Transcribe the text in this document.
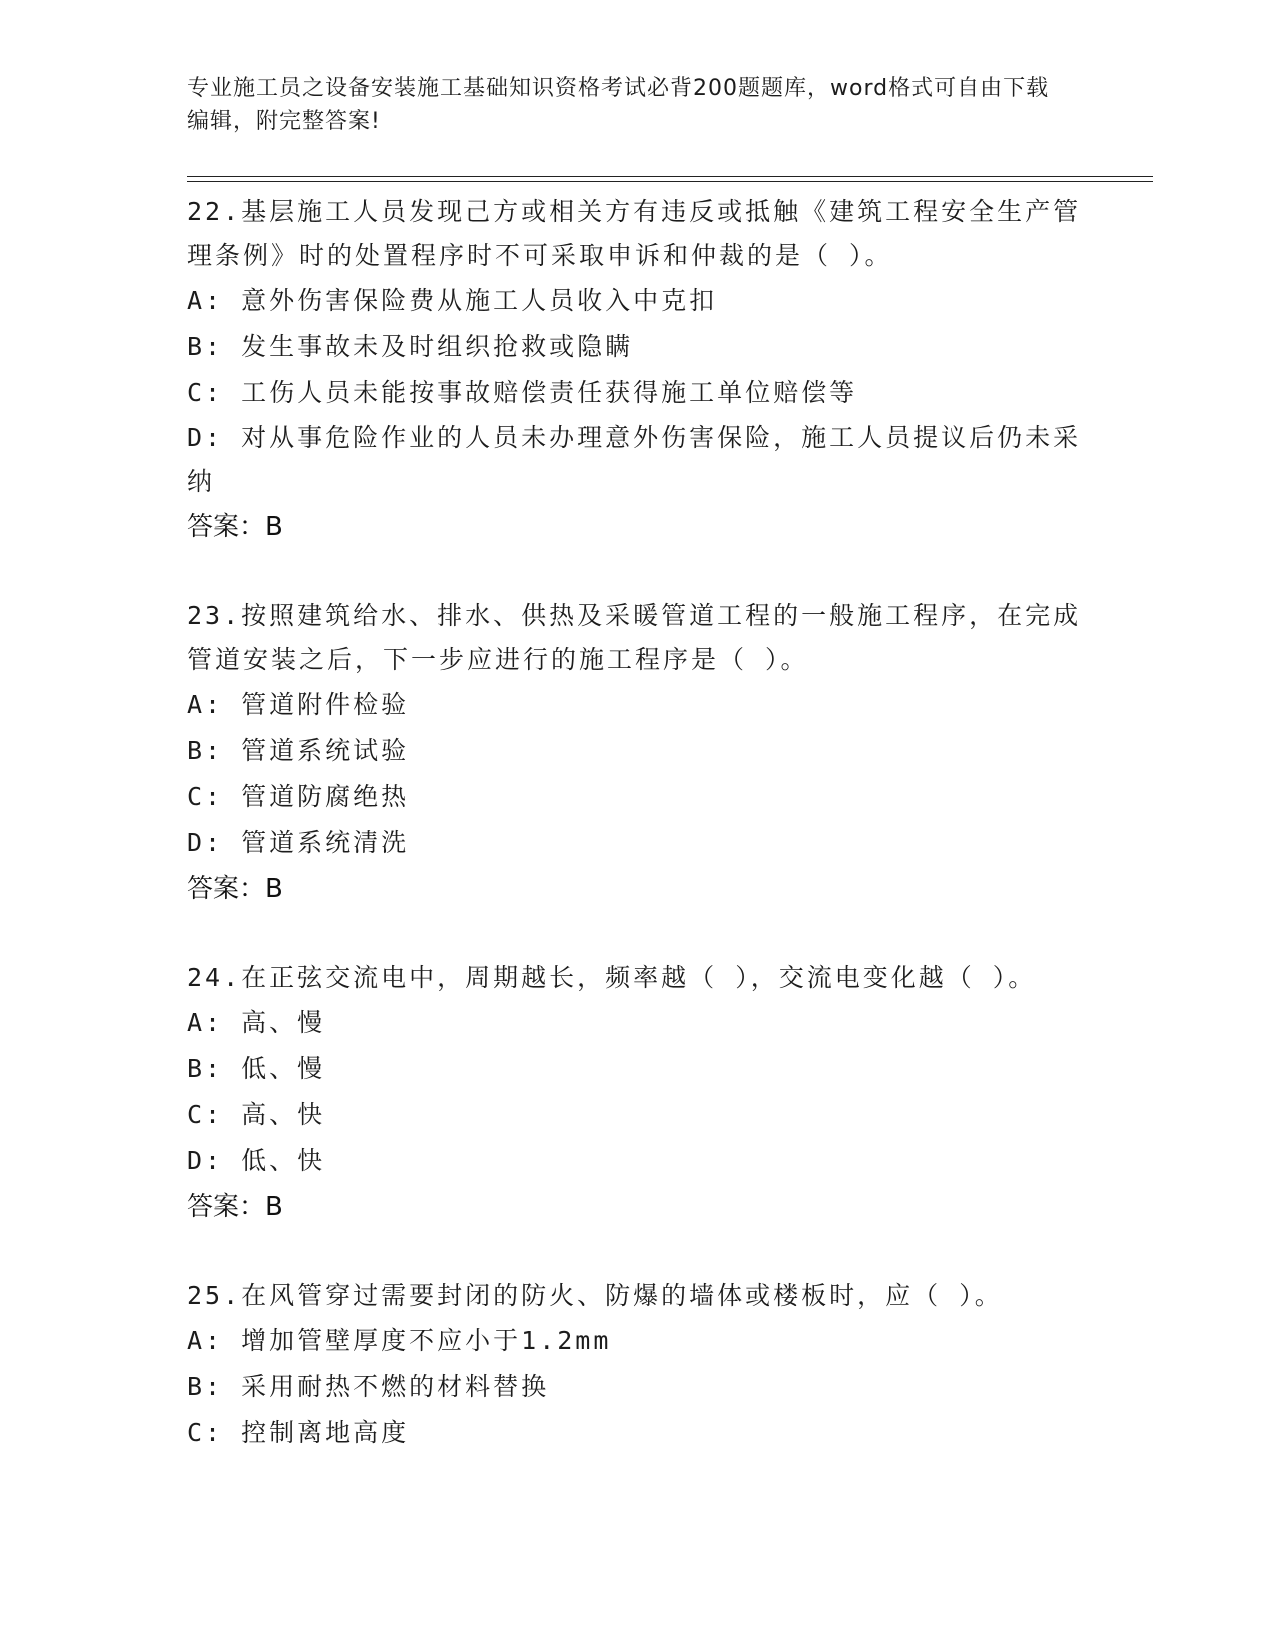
专业施工员之设备安装施工基础知识资格考试必背200题题库，word格式可自由下载编辑，附完整答案!

22.基层施工人员发现己方或相关方有违反或抵触《建筑工程安全生产管理条例》时的处置程序时不可采取申诉和仲裁的是（ ）。

A: 意外伤害保险费从施工人员收入中克扣
B: 发生事故未及时组织抢救或隐瞒
C: 工伤人员未能按事故赔偿责任获得施工单位赔偿等
D: 对从事危险作业的人员未办理意外伤害保险，施工人员提议后仍未采纳
答案：B

23.按照建筑给水、排水、供热及采暖管道工程的一般施工程序，在完成管道安装之后，下一步应进行的施工程序是（ ）。

A: 管道附件检验
B: 管道系统试验
C: 管道防腐绝热
D: 管道系统清洗
答案：B

24.在正弦交流电中，周期越长，频率越（ ），交流电变化越（ ）。

A: 高、慢
B: 低、慢
C: 高、快
D: 低、快
答案：B

25.在风管穿过需要封闭的防火、防爆的墙体或楼板时，应（ ）。

A: 增加管壁厚度不应小于1.2mm
B: 采用耐热不燃的材料替换
C: 控制离地高度
